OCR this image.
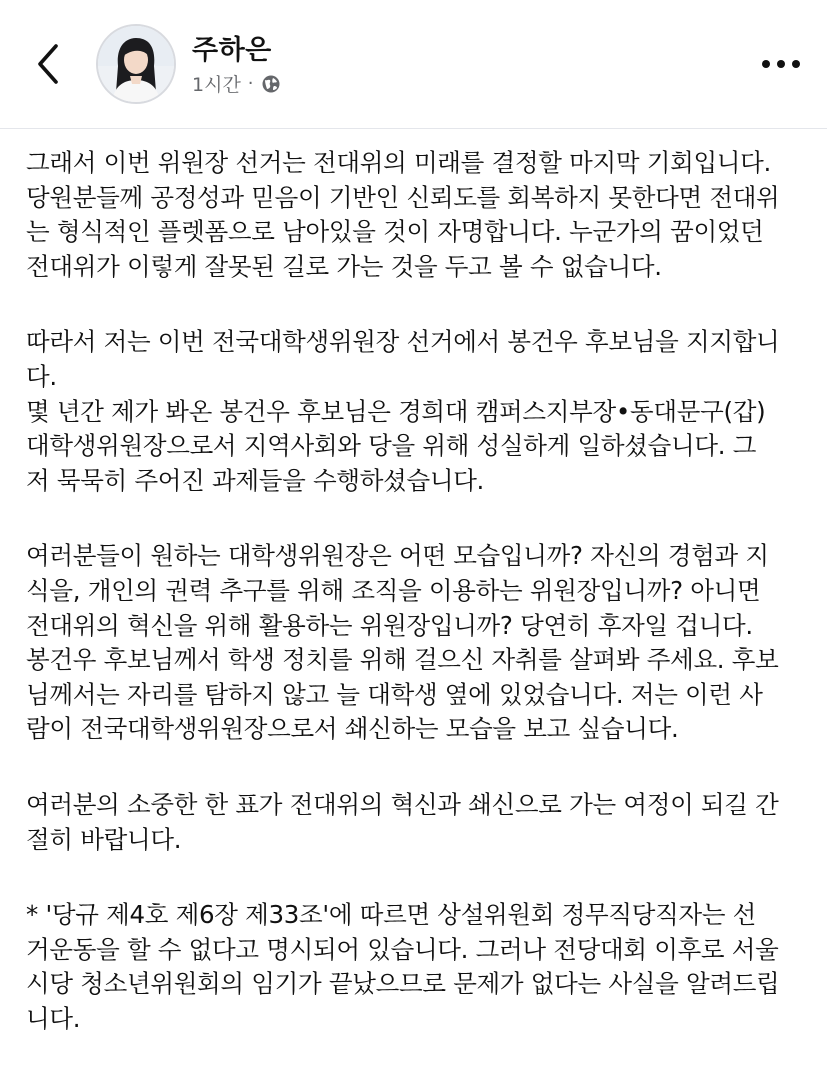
주하은
1시간 ·

그래서 이번 위원장 선거는 전대위의 미래를 결정할 마지막 기회입니다.
당원분들께 공정성과 믿음이 기반인 신뢰도를 회복하지 못한다면 전대위
는 형식적인 플렛폼으로 남아있을 것이 자명합니다. 누군가의 꿈이었던
전대위가 이렇게 잘못된 길로 가는 것을 두고 볼 수 없습니다.

따라서 저는 이번 전국대학생위원장 선거에서 봉건우 후보님을 지지합니
다.
몇 년간 제가 봐온 봉건우 후보님은 경희대 캠퍼스지부장•동대문구(갑)
대학생위원장으로서 지역사회와 당을 위해 성실하게 일하셨습니다. 그
저 묵묵히 주어진 과제들을 수행하셨습니다.

여러분들이 원하는 대학생위원장은 어떤 모습입니까? 자신의 경험과 지
식을, 개인의 권력 추구를 위해 조직을 이용하는 위원장입니까? 아니면
전대위의 혁신을 위해 활용하는 위원장입니까? 당연히 후자일 겁니다.
봉건우 후보님께서 학생 정치를 위해 걸으신 자취를 살펴봐 주세요. 후보
님께서는 자리를 탐하지 않고 늘 대학생 옆에 있었습니다. 저는 이런 사
람이 전국대학생위원장으로서 쇄신하는 모습을 보고 싶습니다.

여러분의 소중한 한 표가 전대위의 혁신과 쇄신으로 가는 여정이 되길 간
절히 바랍니다.

* '당규 제4호 제6장 제33조'에 따르면 상설위원회 정무직당직자는 선
거운동을 할 수 없다고 명시되어 있습니다. 그러나 전당대회 이후로 서울
시당 청소년위원회의 임기가 끝났으므로 문제가 없다는 사실을 알려드립
니다.
